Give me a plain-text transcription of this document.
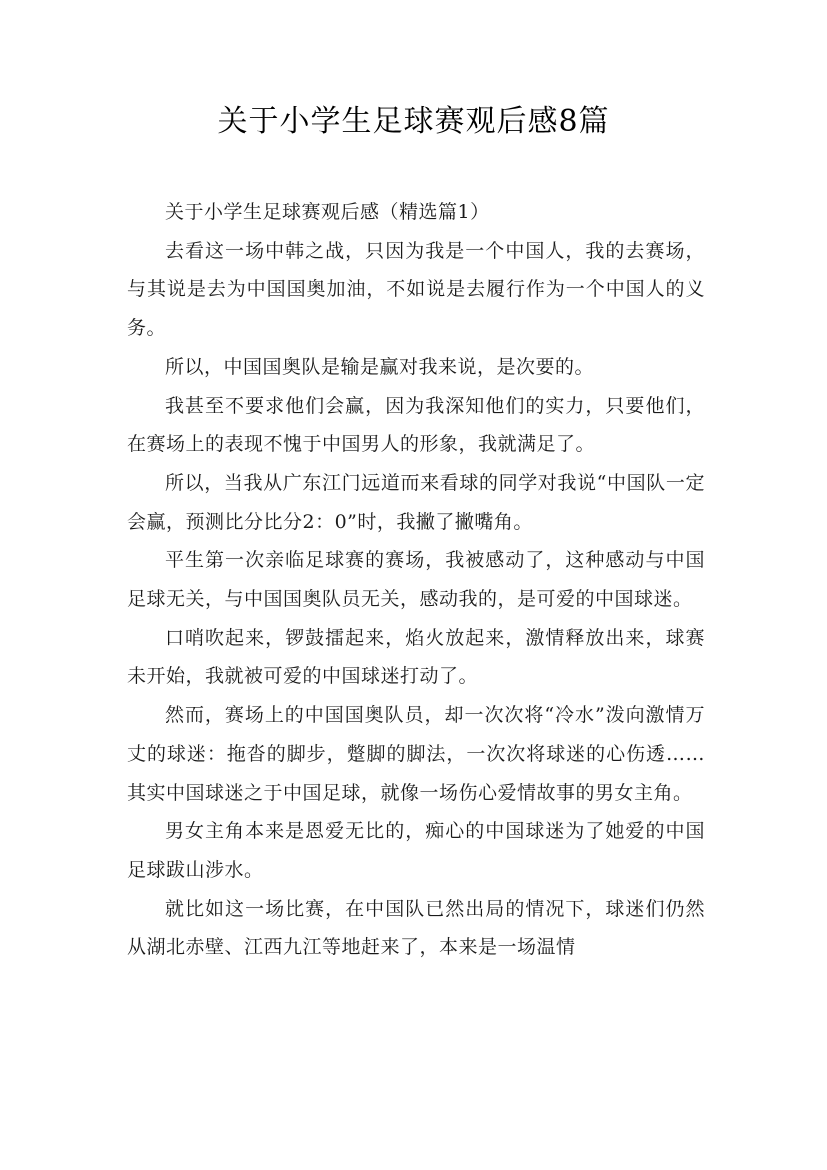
关于小学生足球赛观后感8篇

关于小学生足球赛观后感（精选篇1）

去看这一场中韩之战，只因为我是一个中国人，我的去赛场，与其说是去为中国国奥加油，不如说是去履行作为一个中国人的义务。

所以，中国国奥队是输是赢对我来说，是次要的。

我甚至不要求他们会赢，因为我深知他们的实力，只要他们，在赛场上的表现不愧于中国男人的形象，我就满足了。

所以，当我从广东江门远道而来看球的同学对我说“中国队一定会赢，预测比分比分2：0”时，我撇了撇嘴角。

平生第一次亲临足球赛的赛场，我被感动了，这种感动与中国足球无关，与中国国奥队员无关，感动我的，是可爱的中国球迷。

口哨吹起来，锣鼓擂起来，焰火放起来，激情释放出来，球赛未开始，我就被可爱的中国球迷打动了。

然而，赛场上的中国国奥队员，却一次次将“冷水”泼向激情万丈的球迷：拖沓的脚步，蹩脚的脚法，一次次将球迷的心伤透……其实中国球迷之于中国足球，就像一场伤心爱情故事的男女主角。

男女主角本来是恩爱无比的，痴心的中国球迷为了她爱的中国足球跋山涉水。

就比如这一场比赛，在中国队已然出局的情况下，球迷们仍然从湖北赤壁、江西九江等地赶来了，本来是一场温情
